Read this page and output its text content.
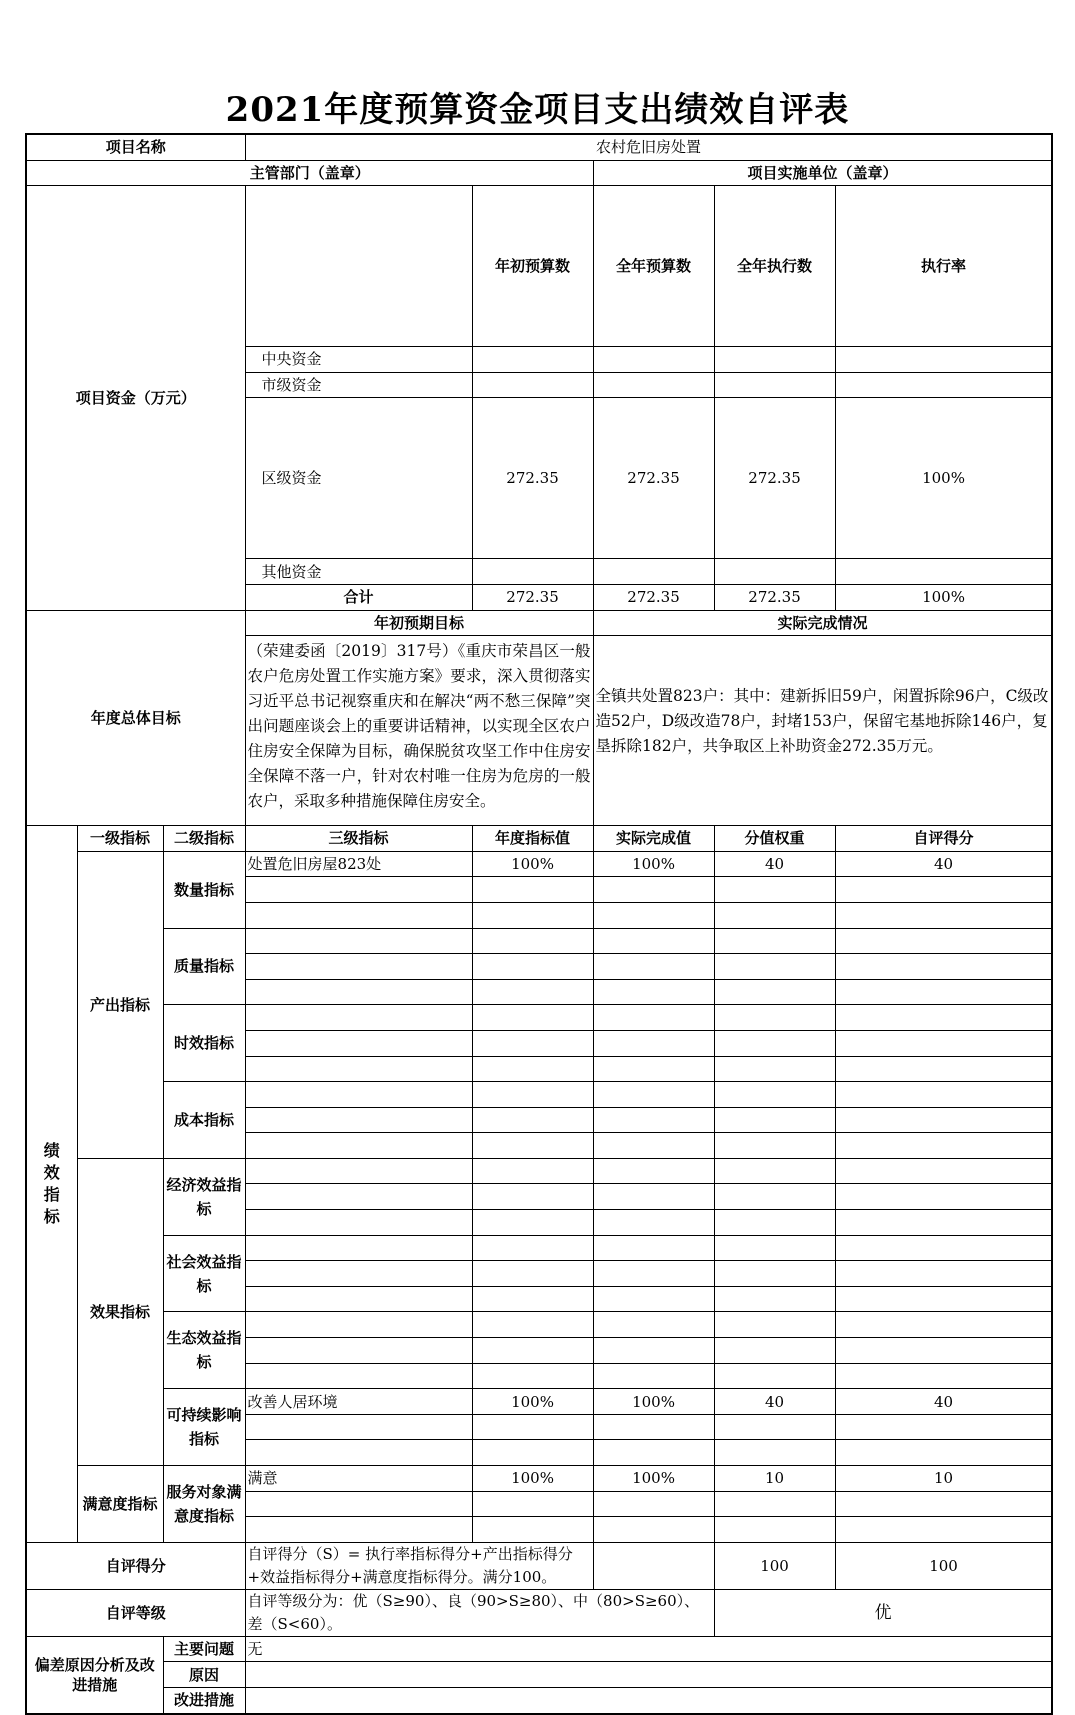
2021年度预算资金项目支出绩效自评表
项目名称			农村危旧房处置					
主管部门（盖章）					项目实施单位（盖章）			
项目资金（万元）				年初预算数	全年预算数	全年执行数	执行率	
			中央资金					
			市级资金					
			区级资金	272.35	272.35	272.35	100%	
			其他资金					
			合计	272.35	272.35	272.35	100%	
年度总体目标			年初预期目标		实际完成情况			
			（荣建委函〔2019〕317号）《重庆市荣昌区一般农户危房处置工作实施方案》要求，深入贯彻落实习近平总书记视察重庆和在解决“两不愁三保障”突出问题座谈会上的重要讲话精神，以实现全区农户住房安全保障为目标，确保脱贫攻坚工作中住房安全保障不落一户，针对农村唯一住房为危房的一般农户，采取多种措施保障住房安全。		全镇共处置823户：其中：建新拆旧59户，闲置拆除96户，C级改造52户，D级改造78户，封堵153户，保留宅基地拆除146户，复垦拆除182户，共争取区上补助资金272.35万元。			
绩效指标	一级指标	二级指标	三级指标	年度指标值	实际完成值	分值权重	自评得分	
	产出指标	数量指标	处置危旧房屋823处	100%	100%	40	40	

		质量指标						

		时效指标						

		成本指标						

	效果指标	经济效益指标						

		社会效益指标						

		生态效益指标						

		可持续影响指标	改善人居环境	100%	100%	40	40	

	满意度指标	服务对象满意度指标	满意	100%	100%	10	10	

自评得分			自评得分（S）= 执行率指标得分+产出指标得分+效益指标得分+满意度指标得分。满分100。			100	100	
自评等级			自评等级分为：优（S≥90）、良（90>S≥80）、中（80>S≥60）、差（S<60）。			优		
偏差原因分析及改进措施		主要问题	无					
		原因						
		改进措施						
